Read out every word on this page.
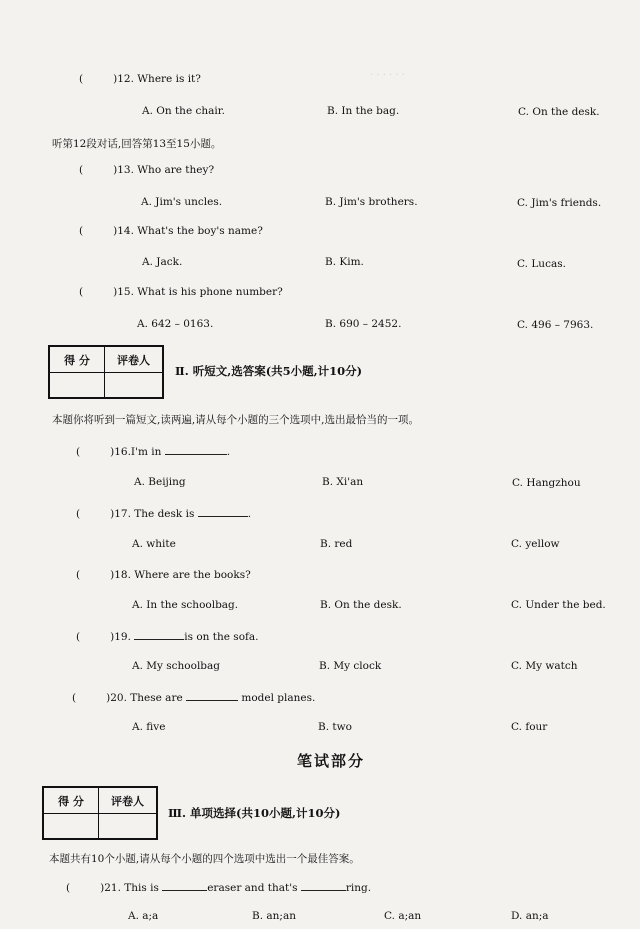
· · · · · ·
(	)12. Where is it?
A. On the chair.	B. In the bag.	C. On the desk.
听第12段对话,回答第13至15小题。
(	)13. Who are they?
A. Jim's uncles.	B. Jim's brothers.	C. Jim's friends.
(	)14. What's the boy's name?
A. Jack.	B. Kim.	C. Lucas.
(	)15. What is his phone number?
A. 642 – 0163.	B. 690 – 2452.	C. 496 – 7963.
得 分	评卷人
Ⅱ. 听短文,选答案(共5小题,计10分)
本题你将听到一篇短文,读两遍,请从每个小题的三个选项中,选出最恰当的一项。
(	)16.I'm in	.
A. Beijing	B. Xi'an	C. Hangzhou
(	)17. The desk is	.
A. white	B. red	C. yellow
(	)18. Where are the books?
A. In the schoolbag.	B. On the desk.	C. Under the bed.
(	)19.	is on the sofa.
A. My schoolbag	B. My clock	C. My watch
(	)20. These are	model planes.
A. five	B. two	C. four
笔试部分
得 分	评卷人
Ⅲ. 单项选择(共10小题,计10分)
本题共有10个小题,请从每个小题的四个选项中选出一个最佳答案。
(	)21. This is	eraser and that's	ring.
A. a;a	B. an;an	C. a;an	D. an;a
